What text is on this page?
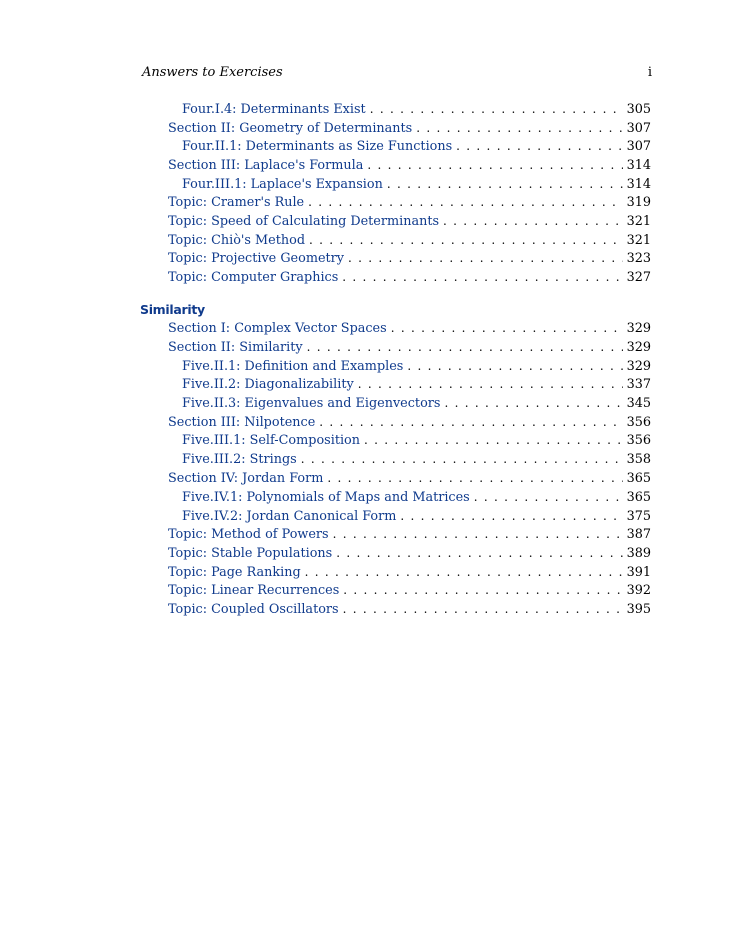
Answers to Exercises	i
Four.I.4: Determinants Exist . . .	305
Section II: Geometry of Determinants . . .	307
Four.II.1: Determinants as Size Functions . . .	307
Section III: Laplace's Formula . . .	314
Four.III.1: Laplace's Expansion . . .	314
Topic: Cramer's Rule . . .	319
Topic: Speed of Calculating Determinants . . .	321
Topic: Chiò's Method . . .	321
Topic: Projective Geometry . . .	323
Topic: Computer Graphics . . .	327
Similarity
Section I: Complex Vector Spaces . . .	329
Section II: Similarity . . .	329
Five.II.1: Definition and Examples . . .	329
Five.II.2: Diagonalizability . . .	337
Five.II.3: Eigenvalues and Eigenvectors . . .	345
Section III: Nilpotence . . .	356
Five.III.1: Self-Composition . . .	356
Five.III.2: Strings . . .	358
Section IV: Jordan Form . . .	365
Five.IV.1: Polynomials of Maps and Matrices . . .	365
Five.IV.2: Jordan Canonical Form . . .	375
Topic: Method of Powers . . .	387
Topic: Stable Populations . . .	389
Topic: Page Ranking . . .	391
Topic: Linear Recurrences . . .	392
Topic: Coupled Oscillators . . .	395
